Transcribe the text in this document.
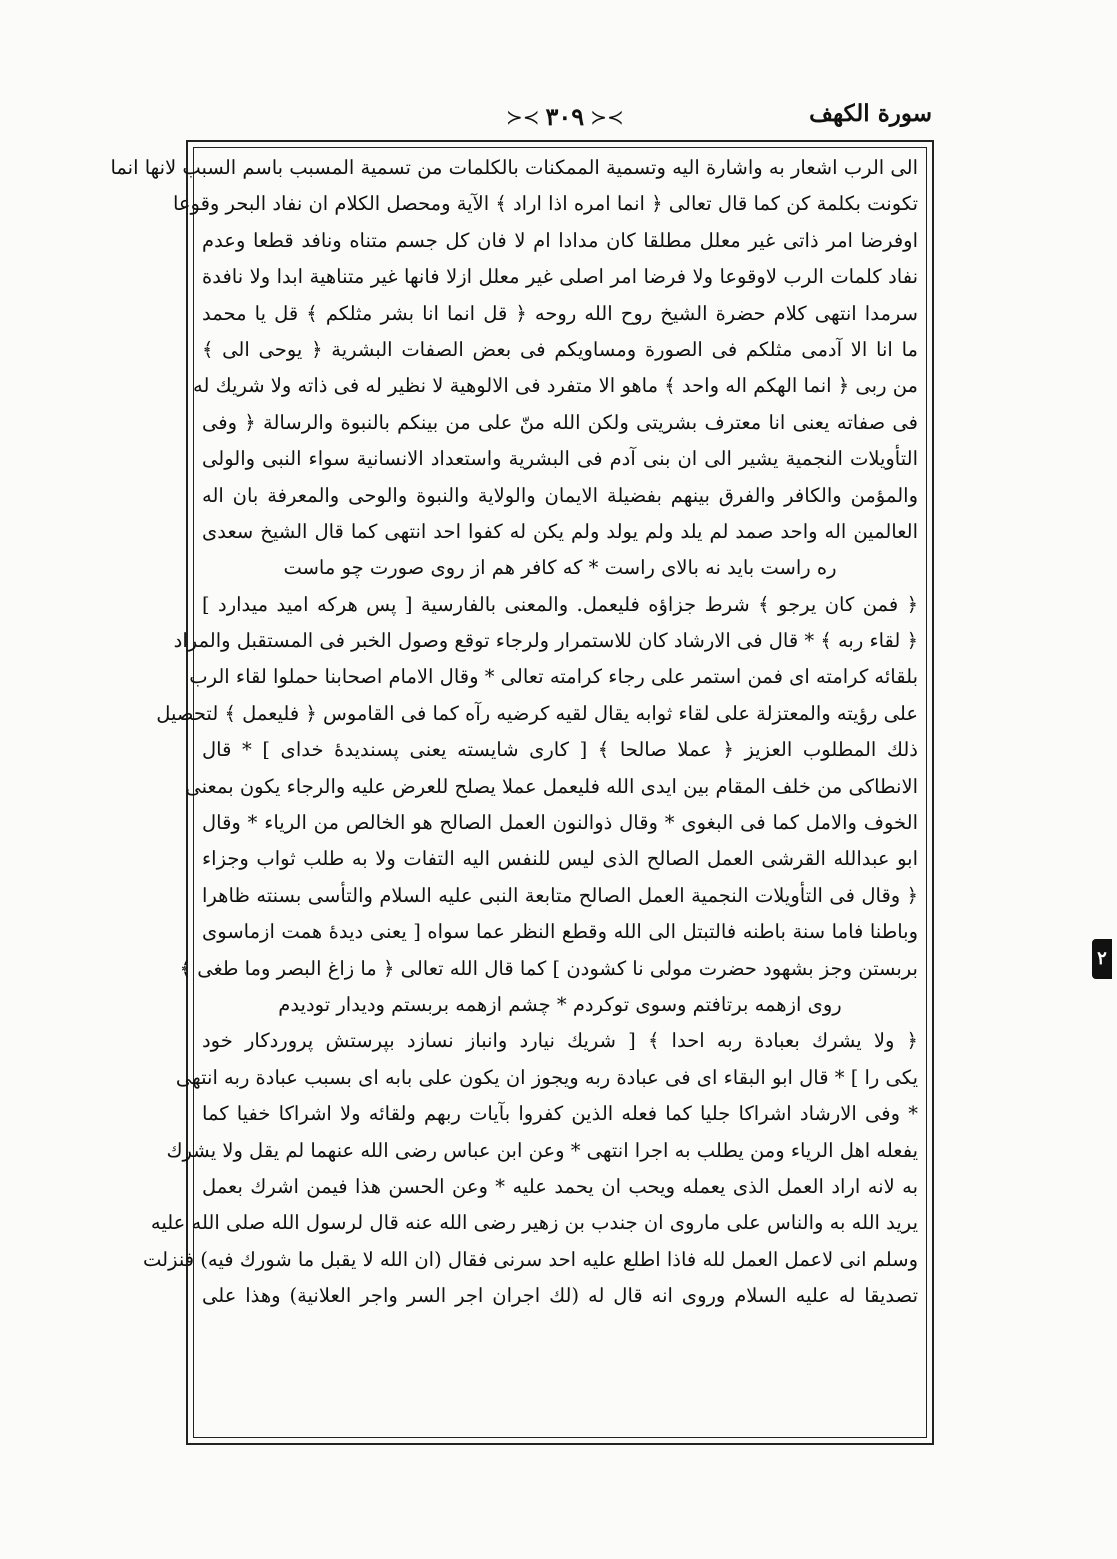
سورة الكهف
≻≺ ٣٠٩ ≻≺
الى الرب اشعار به واشارة اليه وتسمية الممكنات بالكلمات من تسمية المسبب باسم السبب لانها انما
تكونت بكلمة كن كما قال تعالى ﴿ انما امره اذا اراد ﴾ الآية ومحصل الكلام ان نفاد البحر وقوعا
اوفرضا امر ذاتى غير معلل مطلقا كان مدادا ام لا فان كل جسم متناه ونافد قطعا وعدم
نفاد كلمات الرب لاوقوعا ولا فرضا امر اصلى غير معلل ازلا فانها غير متناهية ابدا ولا نافدة
سرمدا انتهى كلام حضرة الشيخ روح الله روحه ﴿ قل انما انا بشر مثلكم ﴾ قل يا محمد
ما انا الا آدمى مثلكم فى الصورة ومساويكم فى بعض الصفات البشرية ﴿ يوحى الى ﴾
من ربى ﴿ انما الهكم اله واحد ﴾ ماهو الا متفرد فى الالوهية لا نظير له فى ذاته ولا شريك له
فى صفاته يعنى انا معترف بشريتى ولكن الله منّ على من بينكم بالنبوة والرسالة ﴿ وفى
التأويلات النجمية يشير الى ان بنى آدم فى البشرية واستعداد الانسانية سواء النبى والولى
والمؤمن والكافر والفرق بينهم بفضيلة الايمان والولاية والنبوة والوحى والمعرفة بان اله
العالمين اله واحد صمد لم يلد ولم يولد ولم يكن له كفوا احد انتهى كما قال الشيخ سعدى
ره راست بايد نه بالاى راست * كه كافر هم از روى صورت چو ماست
﴿ فمن كان يرجو ﴾ شرط جزاؤه فليعمل. والمعنى بالفارسية [ پس هركه اميد ميدارد ]
﴿ لقاء ربه ﴾ * قال فى الارشاد كان للاستمرار ولرجاء توقع وصول الخبر فى المستقبل والمراد
بلقائه كرامته اى فمن استمر على رجاء كرامته تعالى * وقال الامام اصحابنا حملوا لقاء الرب
على رؤيته والمعتزلة على لقاء ثوابه يقال لقيه كرضيه رآه كما فى القاموس ﴿ فليعمل ﴾ لتحصيل
ذلك المطلوب العزيز ﴿ عملا صالحا ﴾ [ كارى شايسته يعنى پسنديدهٔ خداى ] * قال
الانطاكى من خلف المقام بين ايدى الله فليعمل عملا يصلح للعرض عليه والرجاء يكون بمعنى
الخوف والامل كما فى البغوى * وقال ذوالنون العمل الصالح هو الخالص من الرياء * وقال
ابو عبدالله القرشى العمل الصالح الذى ليس للنفس اليه التفات ولا به طلب ثواب وجزاء
﴿ وقال فى التأويلات النجمية العمل الصالح متابعة النبى عليه السلام والتأسى بسنته ظاهرا
وباطنا فاما سنة باطنه فالتبتل الى الله وقطع النظر عما سواه [ يعنى ديدهٔ همت ازماسوى
بربستن وجز بشهود حضرت مولى نا كشودن ] كما قال الله تعالى ﴿ ما زاغ البصر وما طغى ﴾
روى ازهمه برتافتم وسوى توكردم * چشم ازهمه بربستم وديدار توديدم
﴿ ولا يشرك بعبادة ربه احدا ﴾ [ شريك نيارد وانباز نسازد بپرستش پروردكار خود
يكى را ] * قال ابو البقاء اى فى عبادة ربه ويجوز ان يكون على بابه اى بسبب عبادة ربه انتهى
* وفى الارشاد اشراكا جليا كما فعله الذين كفروا بآيات ربهم ولقائه ولا اشراكا خفيا كما
يفعله اهل الرياء ومن يطلب به اجرا انتهى * وعن ابن عباس رضى الله عنهما لم يقل ولا يشرك
به لانه اراد العمل الذى يعمله ويحب ان يحمد عليه * وعن الحسن هذا فيمن اشرك بعمل
يريد الله به والناس على ماروى ان جندب بن زهير رضى الله عنه قال لرسول الله صلى الله عليه
وسلم انى لاعمل العمل لله فاذا اطلع عليه احد سرنى فقال (ان الله لا يقبل ما شورك فيه) فنزلت
تصديقا له عليه السلام وروى انه قال له (لك اجران اجر السر واجر العلانية) وهذا على
٢
